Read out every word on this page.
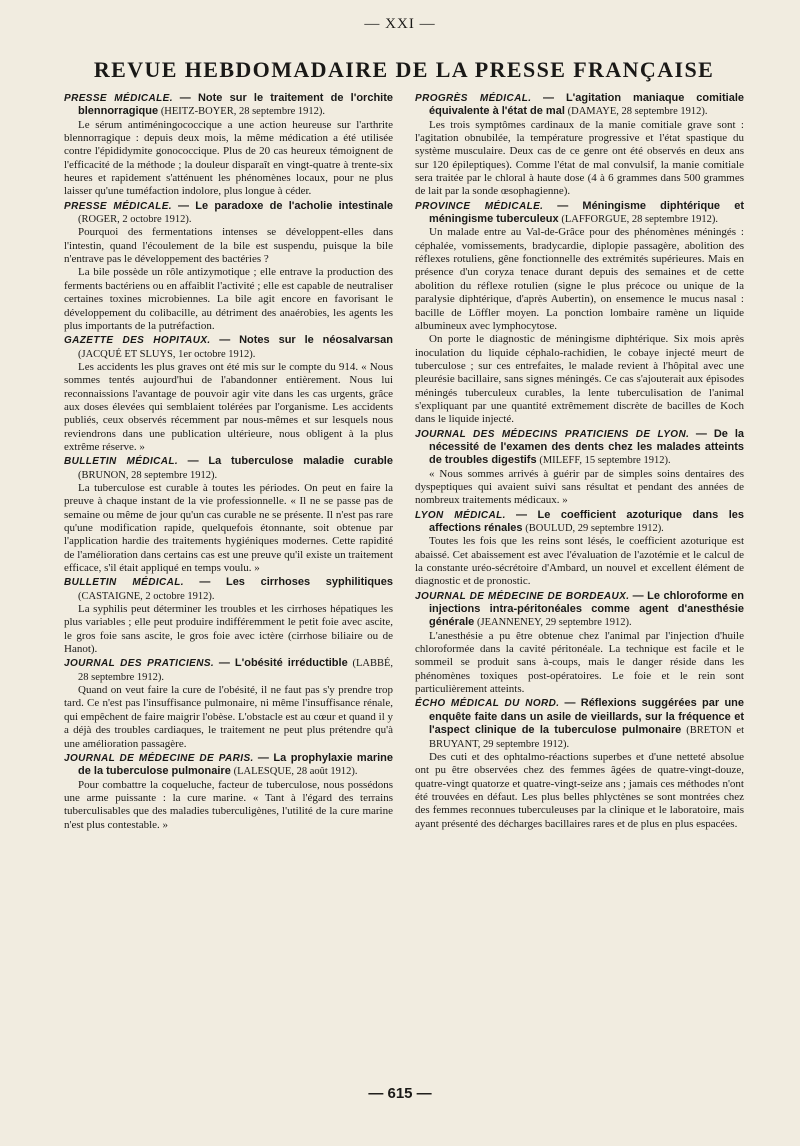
— XXI —
REVUE HEBDOMADAIRE DE LA PRESSE FRANÇAISE

PRESSE MÉDICALE. — Note sur le traitement de l'orchite blennorragique (HEITZ-BOYER, 28 septembre 1912).

Le sérum antiméningococcique a une action heureuse sur l'arthrite blennorragique : depuis deux mois, la même médication a été utilisée contre l'épididymite gonococcique. Plus de 20 cas heureux témoignent de l'efficacité de la méthode ; la douleur disparaît en vingt-quatre à trente-six heures et rapidement s'atténuent les phénomènes locaux, pour ne plus laisser qu'une tuméfaction indolore, plus longue à céder.

PRESSE MÉDICALE. — Le paradoxe de l'acholie intestinale (ROGER, 2 octobre 1912).

Pourquoi des fermentations intenses se développent-elles dans l'intestin, quand l'écoulement de la bile est suspendu, puisque la bile n'entrave pas le développement des bactéries ?

La bile possède un rôle antizymotique ; elle entrave la production des ferments bactériens ou en affaiblit l'activité ; elle est capable de neutraliser certaines toxines microbiennes. La bile agit encore en favorisant le développement du colibacille, au détriment des anaérobies, les agents les plus importants de la putréfaction.

GAZETTE DES HOPITAUX. — Notes sur le néosalvarsan (JACQUÉ ET SLUYS, 1er octobre 1912).

Les accidents les plus graves ont été mis sur le compte du 914. « Nous sommes tentés aujourd'hui de l'abandonner entièrement. Nous lui reconnaissions l'avantage de pouvoir agir vite dans les cas urgents, grâce aux doses élevées qui semblaient tolérées par l'organisme. Les accidents publiés, ceux observés récemment par nous-mêmes et sur lesquels nous reviendrons dans une publication ultérieure, nous obligent à la plus extrême réserve. »

BULLETIN MÉDICAL. — La tuberculose maladie curable (BRUNON, 28 septembre 1912).

La tuberculose est curable à toutes les périodes. On peut en faire la preuve à chaque instant de la vie professionnelle. « Il ne se passe pas de semaine ou même de jour qu'un cas curable ne se présente. Il n'est pas rare qu'une modification rapide, quelquefois étonnante, soit obtenue par l'application hardie des traitements hygiéniques modernes. Cette rapidité de l'amélioration dans certains cas est une preuve qu'il existe un traitement efficace, s'il était appliqué en temps voulu. »

BULLETIN MÉDICAL. — Les cirrhoses syphilitiques (CASTAIGNE, 2 octobre 1912).

La syphilis peut déterminer les troubles et les cirrhoses hépatiques les plus variables ; elle peut produire indifféremment le petit foie avec ascite, le gros foie sans ascite, le gros foie avec ictère (cirrhose biliaire ou de Hanot).

JOURNAL DES PRATICIENS. — L'obésité irréductible (LABBÉ, 28 septembre 1912).

Quand on veut faire la cure de l'obésité, il ne faut pas s'y prendre trop tard. Ce n'est pas l'insuffisance pulmonaire, ni même l'insuffisance rénale, qui empêchent de faire maigrir l'obèse. L'obstacle est au cœur et quand il y a déjà des troubles cardiaques, le traitement ne peut plus prétendre qu'à une amélioration passagère.

JOURNAL DE MÉDECINE DE PARIS. — La prophylaxie marine de la tuberculose pulmonaire (LALESQUE, 28 août 1912).

Pour combattre la coqueluche, facteur de tuberculose, nous possédons une arme puissante : la cure marine. « Tant à l'égard des terrains tuberculisables que des maladies tuberculigènes, l'utilité de la cure marine n'est plus contestable. »

PROGRÈS MÉDICAL. — L'agitation maniaque comitiale équivalente à l'état de mal (DAMAYE, 28 septembre 1912).

Les trois symptômes cardinaux de la manie comitiale grave sont : l'agitation obnubilée, la température progressive et l'état spastique du système musculaire. Deux cas de ce genre ont été observés en deux ans sur 120 épileptiques). Comme l'état de mal convulsif, la manie comitiale sera traitée par le chloral à haute dose (4 à 6 grammes dans 500 grammes de lait par la sonde œsophagienne).

PROVINCE MÉDICALE. — Méningisme diphtérique et méningisme tuberculeux (LAFFORGUE, 28 septembre 1912).

Un malade entre au Val-de-Grâce pour des phénomènes méningés : céphalée, vomissements, bradycardie, diplopie passagère, abolition des réflexes rotuliens, gêne fonctionnelle des extrémités supérieures. Mais en présence d'un coryza tenace durant depuis des semaines et de cette abolition du réflexe rotulien (signe le plus précoce ou unique de la paralysie diphtérique, d'après Aubertin), on ensemence le mucus nasal : bacille de Löffler moyen. La ponction lombaire ramène un liquide albumineux avec lymphocytose.

On porte le diagnostic de méningisme diphtérique. Six mois après inoculation du liquide céphalo-rachidien, le cobaye injecté meurt de tuberculose ; sur ces entrefaites, le malade revient à l'hôpital avec une pleurésie bacillaire, sans signes méningés. Ce cas s'ajouterait aux épisodes méningés tuberculeux curables, la lente tuberculisation de l'animal s'expliquant par une quantité extrêmement discrète de bacilles de Koch dans le liquide injecté.

JOURNAL DES MÉDECINS PRATICIENS DE LYON. — De la nécessité de l'examen des dents chez les malades atteints de troubles digestifs (MILEFF, 15 septembre 1912).

« Nous sommes arrivés à guérir par de simples soins dentaires des dyspeptiques qui avaient suivi sans résultat et pendant des années de nombreux traitements médicaux. »

LYON MÉDICAL. — Le coefficient azoturique dans les affections rénales (BOULUD, 29 septembre 1912).

Toutes les fois que les reins sont lésés, le coefficient azoturique est abaissé. Cet abaissement est avec l'évaluation de l'azotémie et le calcul de la constante uréo-sécrétoire d'Ambard, un nouvel et excellent élément de diagnostic et de pronostic.

JOURNAL DE MÉDECINE DE BORDEAUX. — Le chloroforme en injections intra-péritonéales comme agent d'anesthésie générale (JEANNENEY, 29 septembre 1912).

L'anesthésie a pu être obtenue chez l'animal par l'injection d'huile chloroformée dans la cavité péritonéale. La technique est facile et le sommeil se produit sans à-coups, mais le danger réside dans les phénomènes toxiques post-opératoires. Le foie et le rein sont particulièrement atteints.

ÉCHO MÉDICAL DU NORD. — Réflexions suggérées par une enquête faite dans un asile de vieillards, sur la fréquence et l'aspect clinique de la tuberculose pulmonaire (BRETON et BRUYANT, 29 septembre 1912).

Des cuti et des ophtalmo-réactions superbes et d'une netteté absolue ont pu être observées chez des femmes âgées de quatre-vingt-douze, quatre-vingt quatorze et quatre-vingt-seize ans ; jamais ces méthodes n'ont été trouvées en défaut. Les plus belles phlyctènes se sont montrées chez des femmes reconnues tuberculeuses par la clinique et le laboratoire, mais ayant présenté des décharges bacillaires rares et de plus en plus espacées.

— 615 —
